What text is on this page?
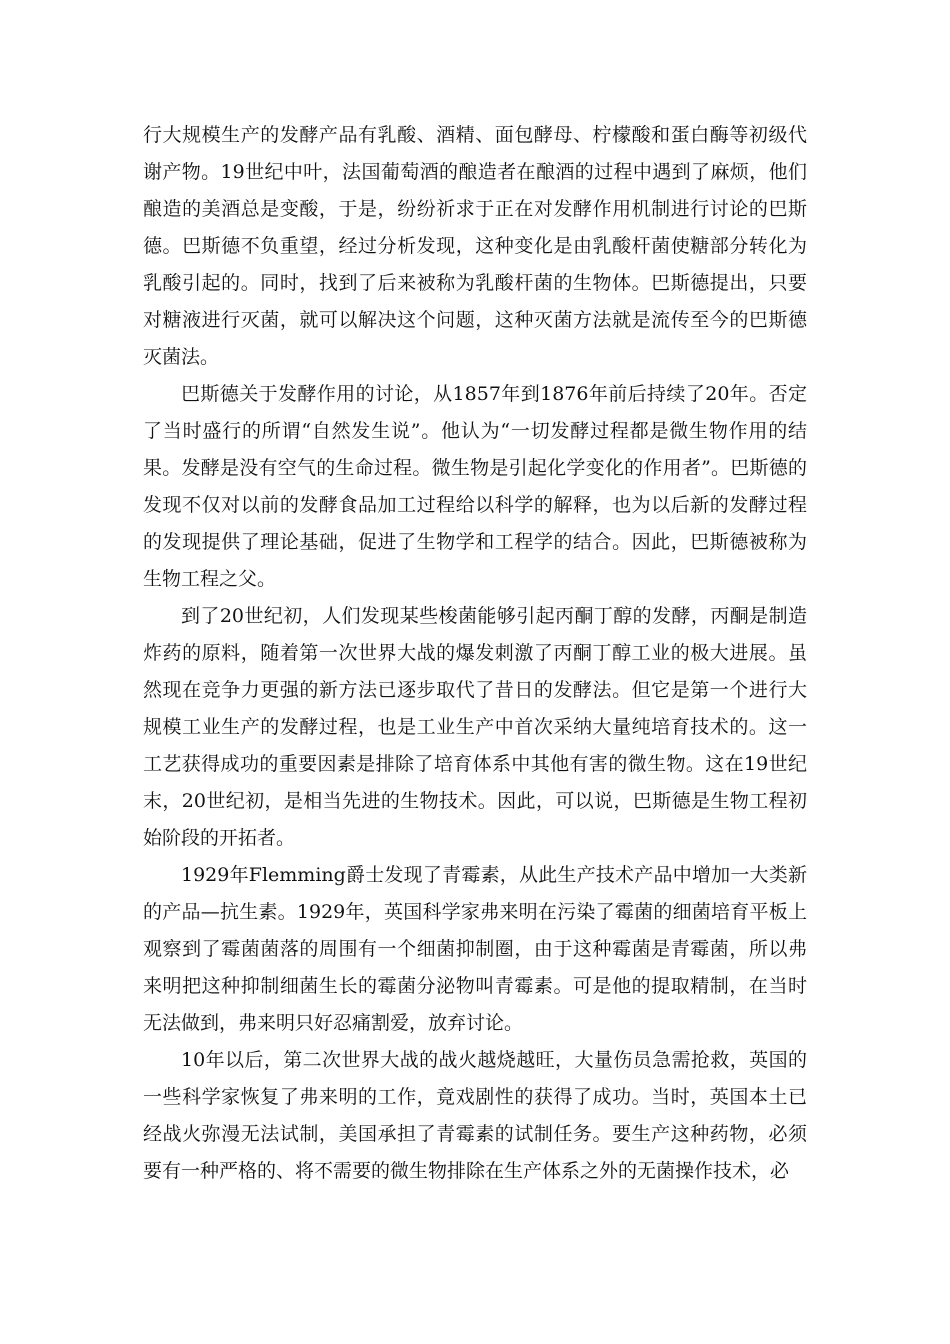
行大规模生产的发酵产品有乳酸、酒精、面包酵母、柠檬酸和蛋白酶等初级代谢产物。19世纪中叶，法国葡萄酒的酿造者在酿酒的过程中遇到了麻烦，他们酿造的美酒总是变酸，于是，纷纷祈求于正在对发酵作用机制进行讨论的巴斯德。巴斯德不负重望，经过分析发现，这种变化是由乳酸杆菌使糖部分转化为乳酸引起的。同时，找到了后来被称为乳酸杆菌的生物体。巴斯德提出，只要对糖液进行灭菌，就可以解决这个问题，这种灭菌方法就是流传至今的巴斯德灭菌法。

巴斯德关于发酵作用的讨论，从1857年到1876年前后持续了20年。否定了当时盛行的所谓“自然发生说”。他认为“一切发酵过程都是微生物作用的结果。发酵是没有空气的生命过程。微生物是引起化学变化的作用者”。巴斯德的发现不仅对以前的发酵食品加工过程给以科学的解释，也为以后新的发酵过程的发现提供了理论基础，促进了生物学和工程学的结合。因此，巴斯德被称为生物工程之父。

到了20世纪初，人们发现某些梭菌能够引起丙酮丁醇的发酵，丙酮是制造炸药的原料，随着第一次世界大战的爆发刺激了丙酮丁醇工业的极大进展。虽然现在竞争力更强的新方法已逐步取代了昔日的发酵法。但它是第一个进行大规模工业生产的发酵过程，也是工业生产中首次采纳大量纯培育技术的。这一工艺获得成功的重要因素是排除了培育体系中其他有害的微生物。这在19世纪末，20世纪初，是相当先进的生物技术。因此，可以说，巴斯德是生物工程初始阶段的开拓者。

1929年Flemming爵士发现了青霉素，从此生产技术产品中增加一大类新的产品—抗生素。1929年，英国科学家弗来明在污染了霉菌的细菌培育平板上观察到了霉菌菌落的周围有一个细菌抑制圈，由于这种霉菌是青霉菌，所以弗来明把这种抑制细菌生长的霉菌分泌物叫青霉素。可是他的提取精制，在当时无法做到，弗来明只好忍痛割爱，放弃讨论。

10年以后，第二次世界大战的战火越烧越旺，大量伤员急需抢救，英国的一些科学家恢复了弗来明的工作，竟戏剧性的获得了成功。当时，英国本土已经战火弥漫无法试制，美国承担了青霉素的试制任务。要生产这种药物，必须要有一种严格的、将不需要的微生物排除在生产体系之外的无菌操作技术，必
